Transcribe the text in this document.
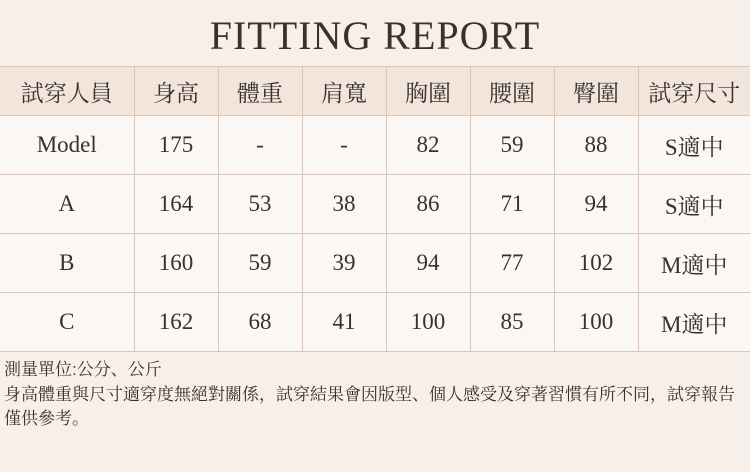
FITTING REPORT
試穿人員	身高	體重	肩寬	胸圍	腰圍	臀圍	試穿尺寸
Model	175	-	-	82	59	88	S適中
A	164	53	38	86	71	94	S適中
B	160	59	39	94	77	102	M適中
C	162	68	41	100	85	100	M適中
測量單位:公分、公斤
身高體重與尺寸適穿度無絕對關係，試穿結果會因版型、個人感受及穿著習慣有所不同，試穿報告僅供參考。
